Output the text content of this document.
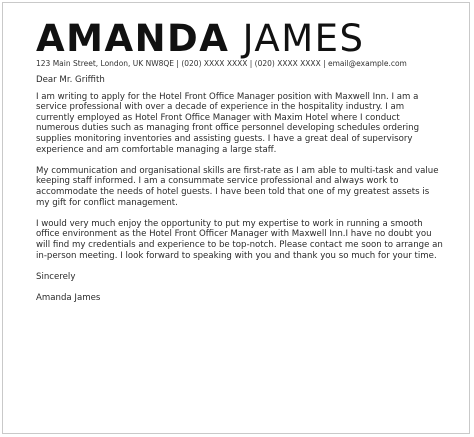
AMANDA JAMES
123 Main Street, London, UK NW8QE | (020) XXXX XXXX | (020) XXXX XXXX | email@example.com

Dear Mr. Griffith

I am writing to apply for the Hotel Front Office Manager position with Maxwell Inn. I am a service professional with over a decade of experience in the hospitality industry. I am currently employed as Hotel Front Office Manager with Maxim Hotel where I conduct numerous duties such as managing front office personnel developing schedules ordering supplies monitoring inventories and assisting guests. I have a great deal of supervisory experience and am comfortable managing a large staff.

My communication and organisational skills are first-rate as I am able to multi-task and value keeping staff informed. I am a consummate service professional and always work to accommodate the needs of hotel guests. I have been told that one of my greatest assets is my gift for conflict management.

I would very much enjoy the opportunity to put my expertise to work in running a smooth office environment as the Hotel Front Officer Manager with Maxwell Inn.I have no doubt you will find my credentials and experience to be top-notch. Please contact me soon to arrange an in-person meeting. I look forward to speaking with you and thank you so much for your time.

Sincerely

Amanda James
